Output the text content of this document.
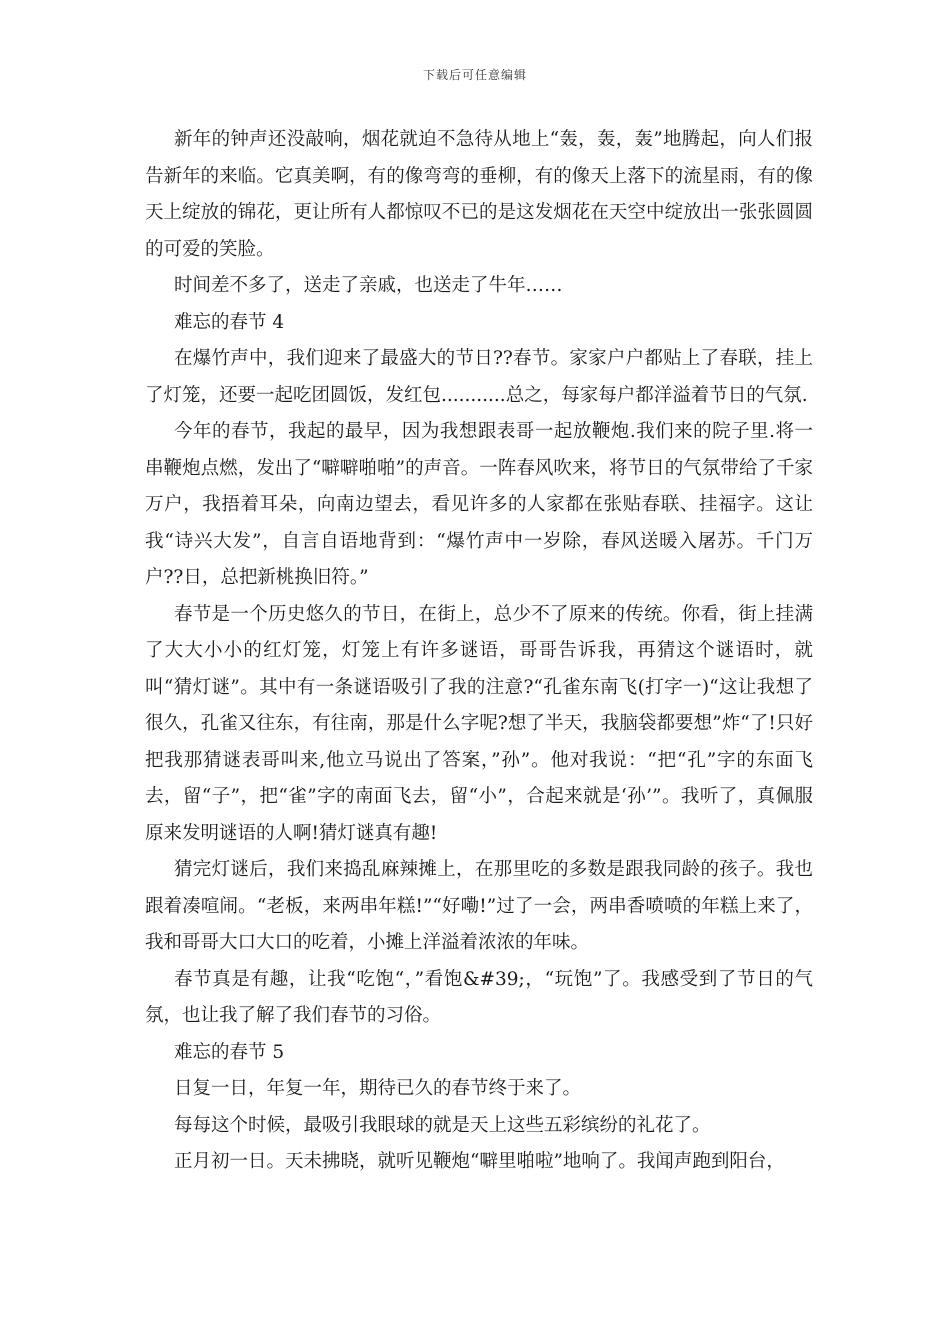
下载后可任意编辑

新年的钟声还没敲响，烟花就迫不急待从地上“轰，轰，轰”地腾起，向人们报告新年的来临。它真美啊，有的像弯弯的垂柳，有的像天上落下的流星雨，有的像天上绽放的锦花，更让所有人都惊叹不已的是这发烟花在天空中绽放出一张张圆圆的可爱的笑脸。

时间差不多了，送走了亲戚，也送走了牛年……

难忘的春节 4

在爆竹声中，我们迎来了最盛大的节日??春节。家家户户都贴上了春联，挂上了灯笼，还要一起吃团圆饭，发红包...........总之，每家每户都洋溢着节日的气氛.

今年的春节，我起的最早，因为我想跟表哥一起放鞭炮.我们来的院子里.将一串鞭炮点燃，发出了“噼噼啪啪”的声音。一阵春风吹来，将节日的气氛带给了千家万户，我捂着耳朵，向南边望去，看见许多的人家都在张贴春联、挂福字。这让我“诗兴大发”，自言自语地背到：“爆竹声中一岁除，春风送暖入屠苏。千门万户??日，总把新桃换旧符。”

春节是一个历史悠久的节日，在街上，总少不了原来的传统。你看，街上挂满了大大小小的红灯笼，灯笼上有许多谜语，哥哥告诉我，再猜这个谜语时，就叫“猜灯谜”。其中有一条谜语吸引了我的注意?“孔雀东南飞(打字一)“这让我想了很久，孔雀又往东，有往南，那是什么字呢?想了半天，我脑袋都要想”炸“了!只好把我那猜谜表哥叫来,他立马说出了答案，”孙”。他对我说：“把“孔”字的东面飞去，留“子”，把“雀”字的南面飞去，留“小”，合起来就是‘孙’”。我听了，真佩服原来发明谜语的人啊!猜灯谜真有趣!

猜完灯谜后，我们来捣乱麻辣摊上，在那里吃的多数是跟我同龄的孩子。我也跟着凑喧闹。“老板，来两串年糕!”“好嘞!”过了一会，两串香喷喷的年糕上来了，我和哥哥大口大口的吃着，小摊上洋溢着浓浓的年味。

春节真是有趣，让我“吃饱“，”看饱&#39;，“玩饱”了。我感受到了节日的气氛，也让我了解了我们春节的习俗。

难忘的春节 5

日复一日，年复一年，期待已久的春节终于来了。

每每这个时候，最吸引我眼球的就是天上这些五彩缤纷的礼花了。

正月初一日。天未拂晓，就听见鞭炮“噼里啪啦”地响了。我闻声跑到阳台，
